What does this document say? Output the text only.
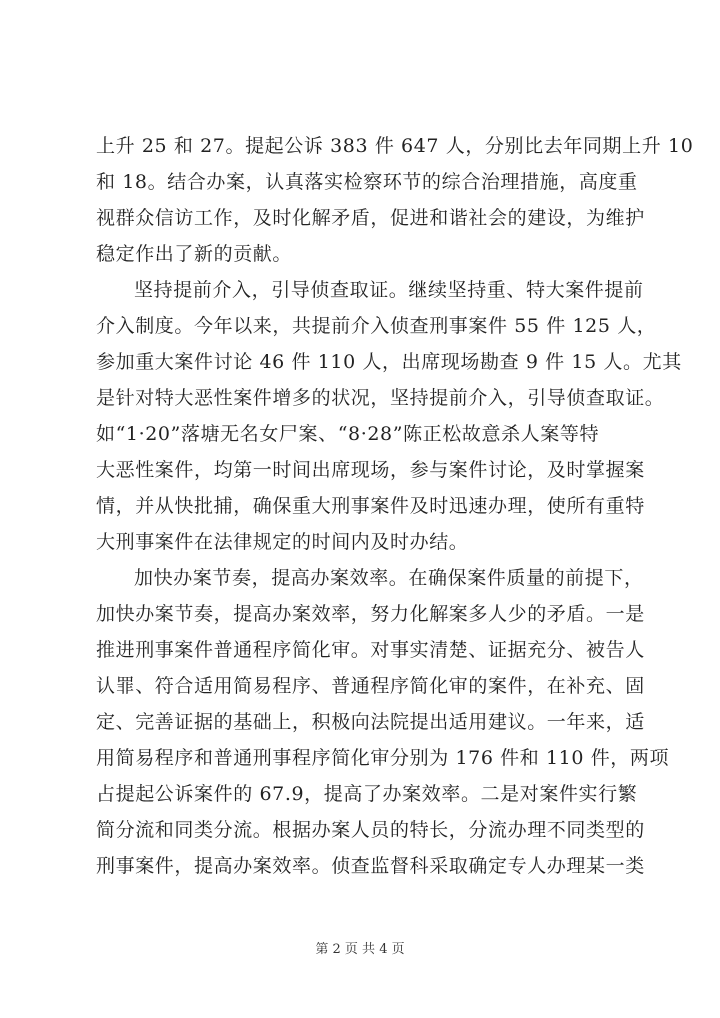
上升 25 和 27。提起公诉 383 件 647 人，分别比去年同期上升 10
和 18。结合办案，认真落实检察环节的综合治理措施，高度重
视群众信访工作，及时化解矛盾，促进和谐社会的建设，为维护
稳定作出了新的贡献。
坚持提前介入，引导侦查取证。继续坚持重、特大案件提前
介入制度。今年以来，共提前介入侦查刑事案件 55 件 125 人，
参加重大案件讨论 46 件 110 人，出席现场勘查 9 件 15 人。尤其
是针对特大恶性案件增多的状况，坚持提前介入，引导侦查取证。
如“1·20”落塘无名女尸案、“8·28”陈正松故意杀人案等特
大恶性案件，均第一时间出席现场，参与案件讨论，及时掌握案
情，并从快批捕，确保重大刑事案件及时迅速办理，使所有重特
大刑事案件在法律规定的时间内及时办结。
加快办案节奏，提高办案效率。在确保案件质量的前提下，
加快办案节奏，提高办案效率，努力化解案多人少的矛盾。一是
推进刑事案件普通程序简化审。对事实清楚、证据充分、被告人
认罪、符合适用简易程序、普通程序简化审的案件，在补充、固
定、完善证据的基础上，积极向法院提出适用建议。一年来，适
用简易程序和普通刑事程序简化审分别为 176 件和 110 件，两项
占提起公诉案件的 67.9，提高了办案效率。二是对案件实行繁
简分流和同类分流。根据办案人员的特长，分流办理不同类型的
刑事案件，提高办案效率。侦查监督科采取确定专人办理某一类
第 2 页 共 4 页
